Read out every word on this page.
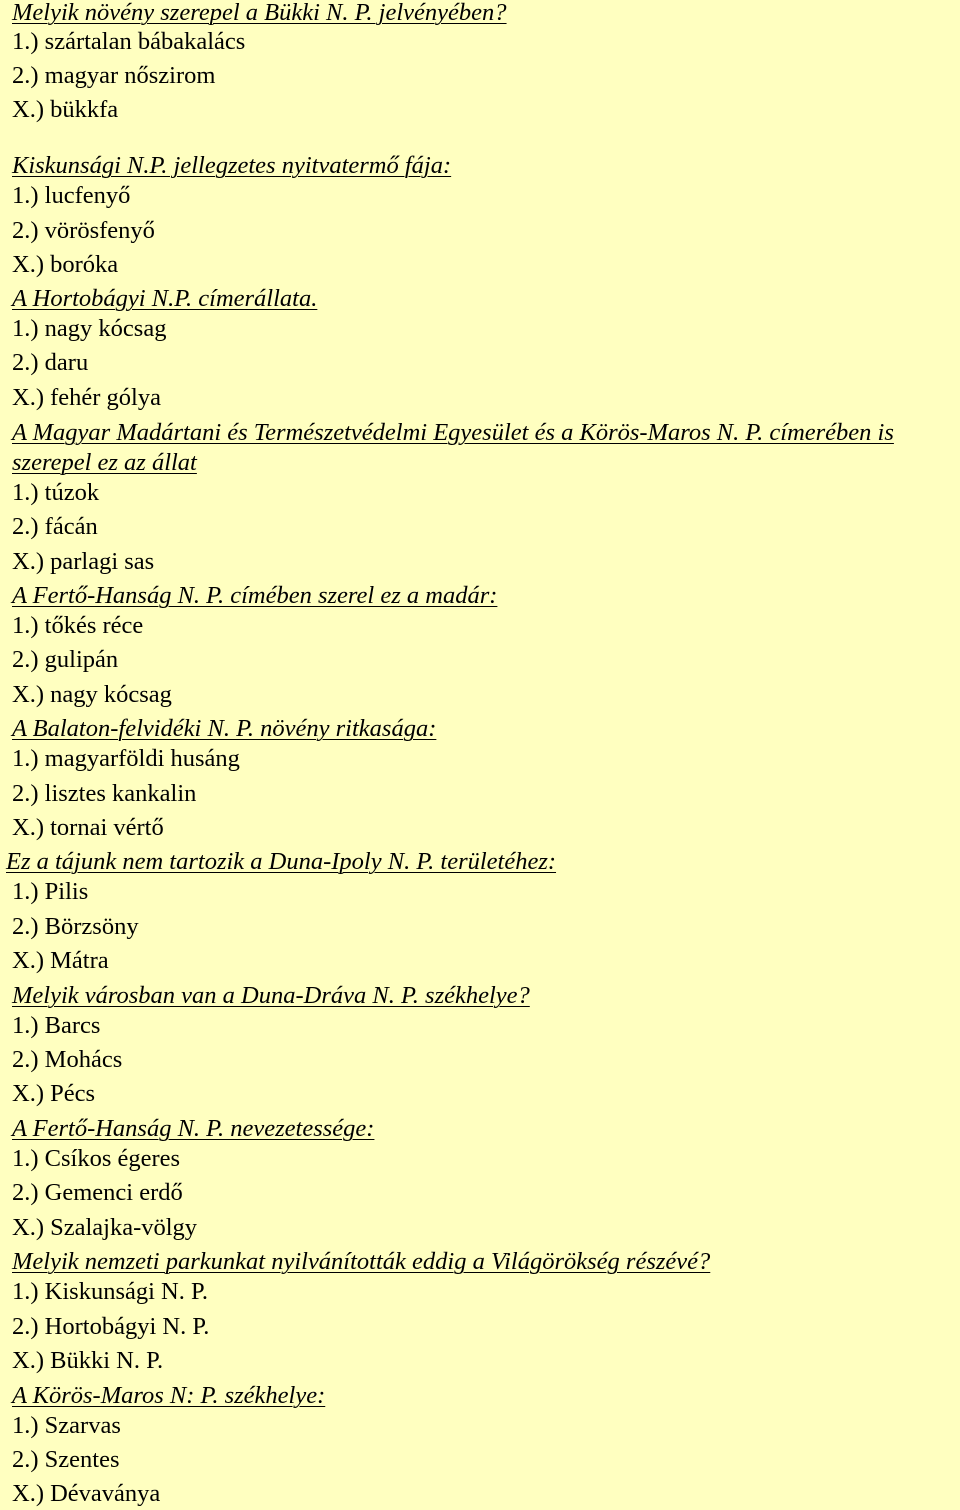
Melyik növény szerepel a Bükki N. P. jelvényében?
1.) szártalan bábakalács
2.) magyar nőszirom
X.) bükkfa
Kiskunsági N.P. jellegzetes nyitvatermő fája:
1.) lucfenyő
2.) vörösfenyő
X.) boróka
A Hortobágyi N.P. címerállata.
1.) nagy kócsag
2.) daru
X.) fehér gólya
A Magyar Madártani és Természetvédelmi Egyesület és a Körös-Maros N. P. címerében is
szerepel ez az állat
1.) túzok
2.) fácán
X.) parlagi sas
A Fertő-Hanság N. P. címében szerel ez a madár:
1.) tőkés réce
2.) gulipán
X.) nagy kócsag
A Balaton-felvidéki N. P. növény ritkasága:
1.) magyarföldi husáng
2.) lisztes kankalin
X.) tornai vértő
Ez a tájunk nem tartozik a Duna-Ipoly N. P. területéhez:
1.) Pilis
2.) Börzsöny
X.) Mátra
Melyik városban van a Duna-Dráva N. P. székhelye?
1.) Barcs
2.) Mohács
X.) Pécs
A Fertő-Hanság N. P. nevezetessége:
1.) Csíkos égeres
2.) Gemenci erdő
X.) Szalajka-völgy
Melyik nemzeti parkunkat nyilvánították eddig a Világörökség részévé?
1.) Kiskunsági N. P.
2.) Hortobágyi N. P.
X.) Bükki N. P.
A Körös-Maros N: P. székhelye:
1.) Szarvas
2.) Szentes
X.) Dévaványa
